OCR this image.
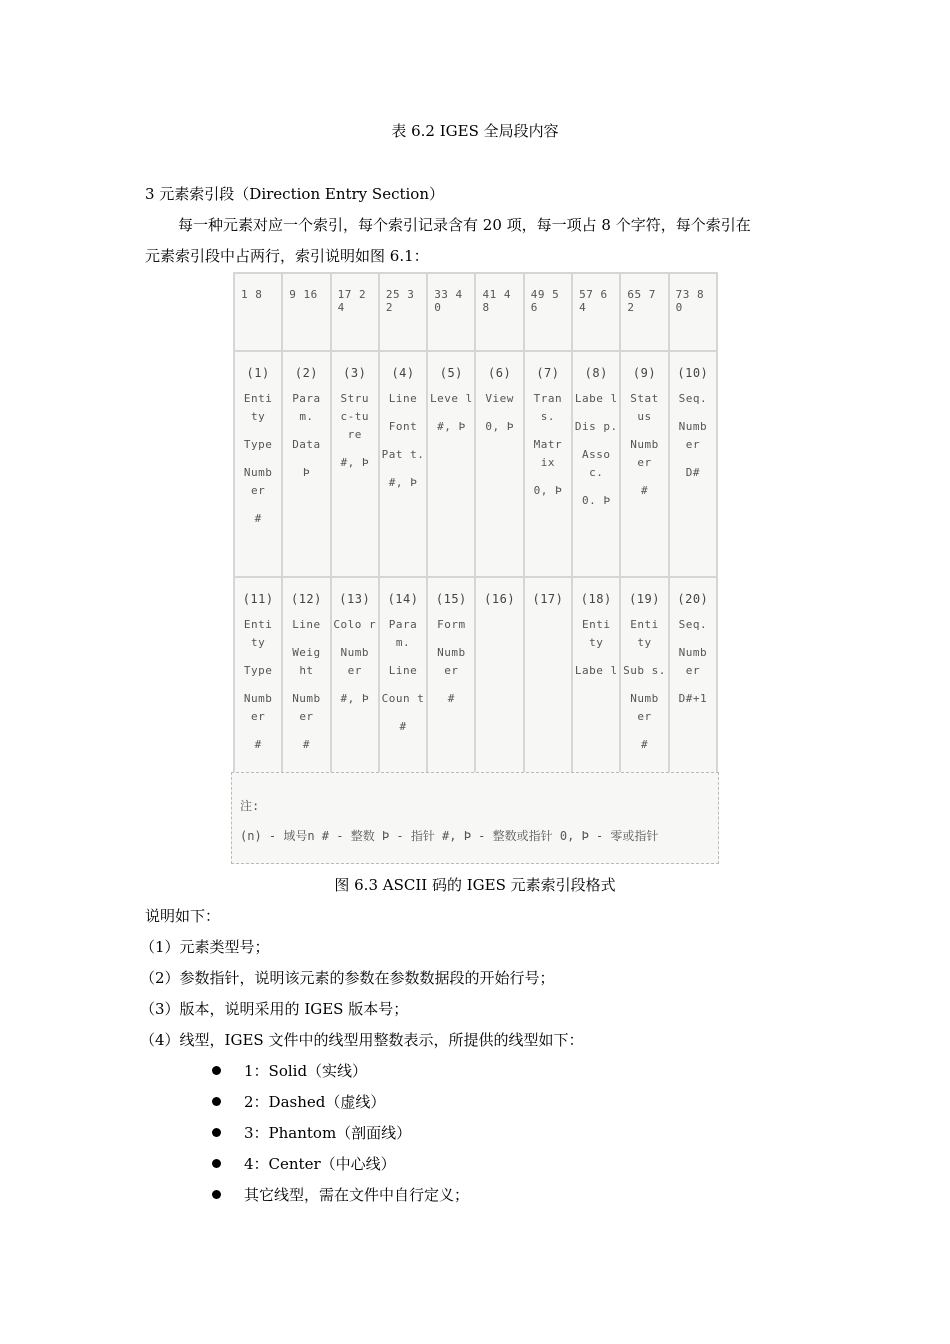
表 6.2 IGES 全局段内容
3 元素索引段（Direction Entry Section）
每一种元素对应一个索引，每个索引记录含有 20 项，每一项占 8 个字符，每个索引在
元素索引段中占两行，索引说明如图 6.1：
1 8	9 16	17 2 4	25 3 2	33 4 0	41 4 8	49 5 6	57 6 4	65 7 2	73 8 0

(1)
Enti ty
Type
Numb er
#	(2)
Para m.
Data
Þ	(3)
Stru c-tu re
#, Þ	(4)
Line
Font
Pat t.
#, Þ	(5)
Leve l
#, Þ	(6)
View
0, Þ	(7)
Tran s.
Matr ix
0, Þ	(8)
Labe l
Dis p.
Asso c.
0. Þ	(9)
Stat us
Numb er
#	(10)
Seq.
Numb er
D#

(11)
Enti ty
Type
Numb er
#	(12)
Line
Weig ht
Numb er
#	(13)
Colo r
Numb er
#, Þ	(14)
Para m.
Line
Coun t
#	(15)
Form
Numb er
#	(16)	(17)	(18)
Enti ty
Labe l	(19)
Enti ty
Sub s.
Numb er
#	(20)
Seq.
Numb er
D#+1
注:
(n) - 域号n # - 整数 Þ - 指针 #, Þ - 整数或指针 0, Þ - 零或指针
图 6.3 ASCII 码的 IGES 元素索引段格式
说明如下：
（1）元素类型号；
（2）参数指针，说明该元素的参数在参数数据段的开始行号；
（3）版本，说明采用的 IGES 版本号；
（4）线型，IGES 文件中的线型用整数表示，所提供的线型如下：
1：Solid（实线）
2：Dashed（虚线）
3：Phantom（剖面线）
4：Center（中心线）
其它线型，需在文件中自行定义；
